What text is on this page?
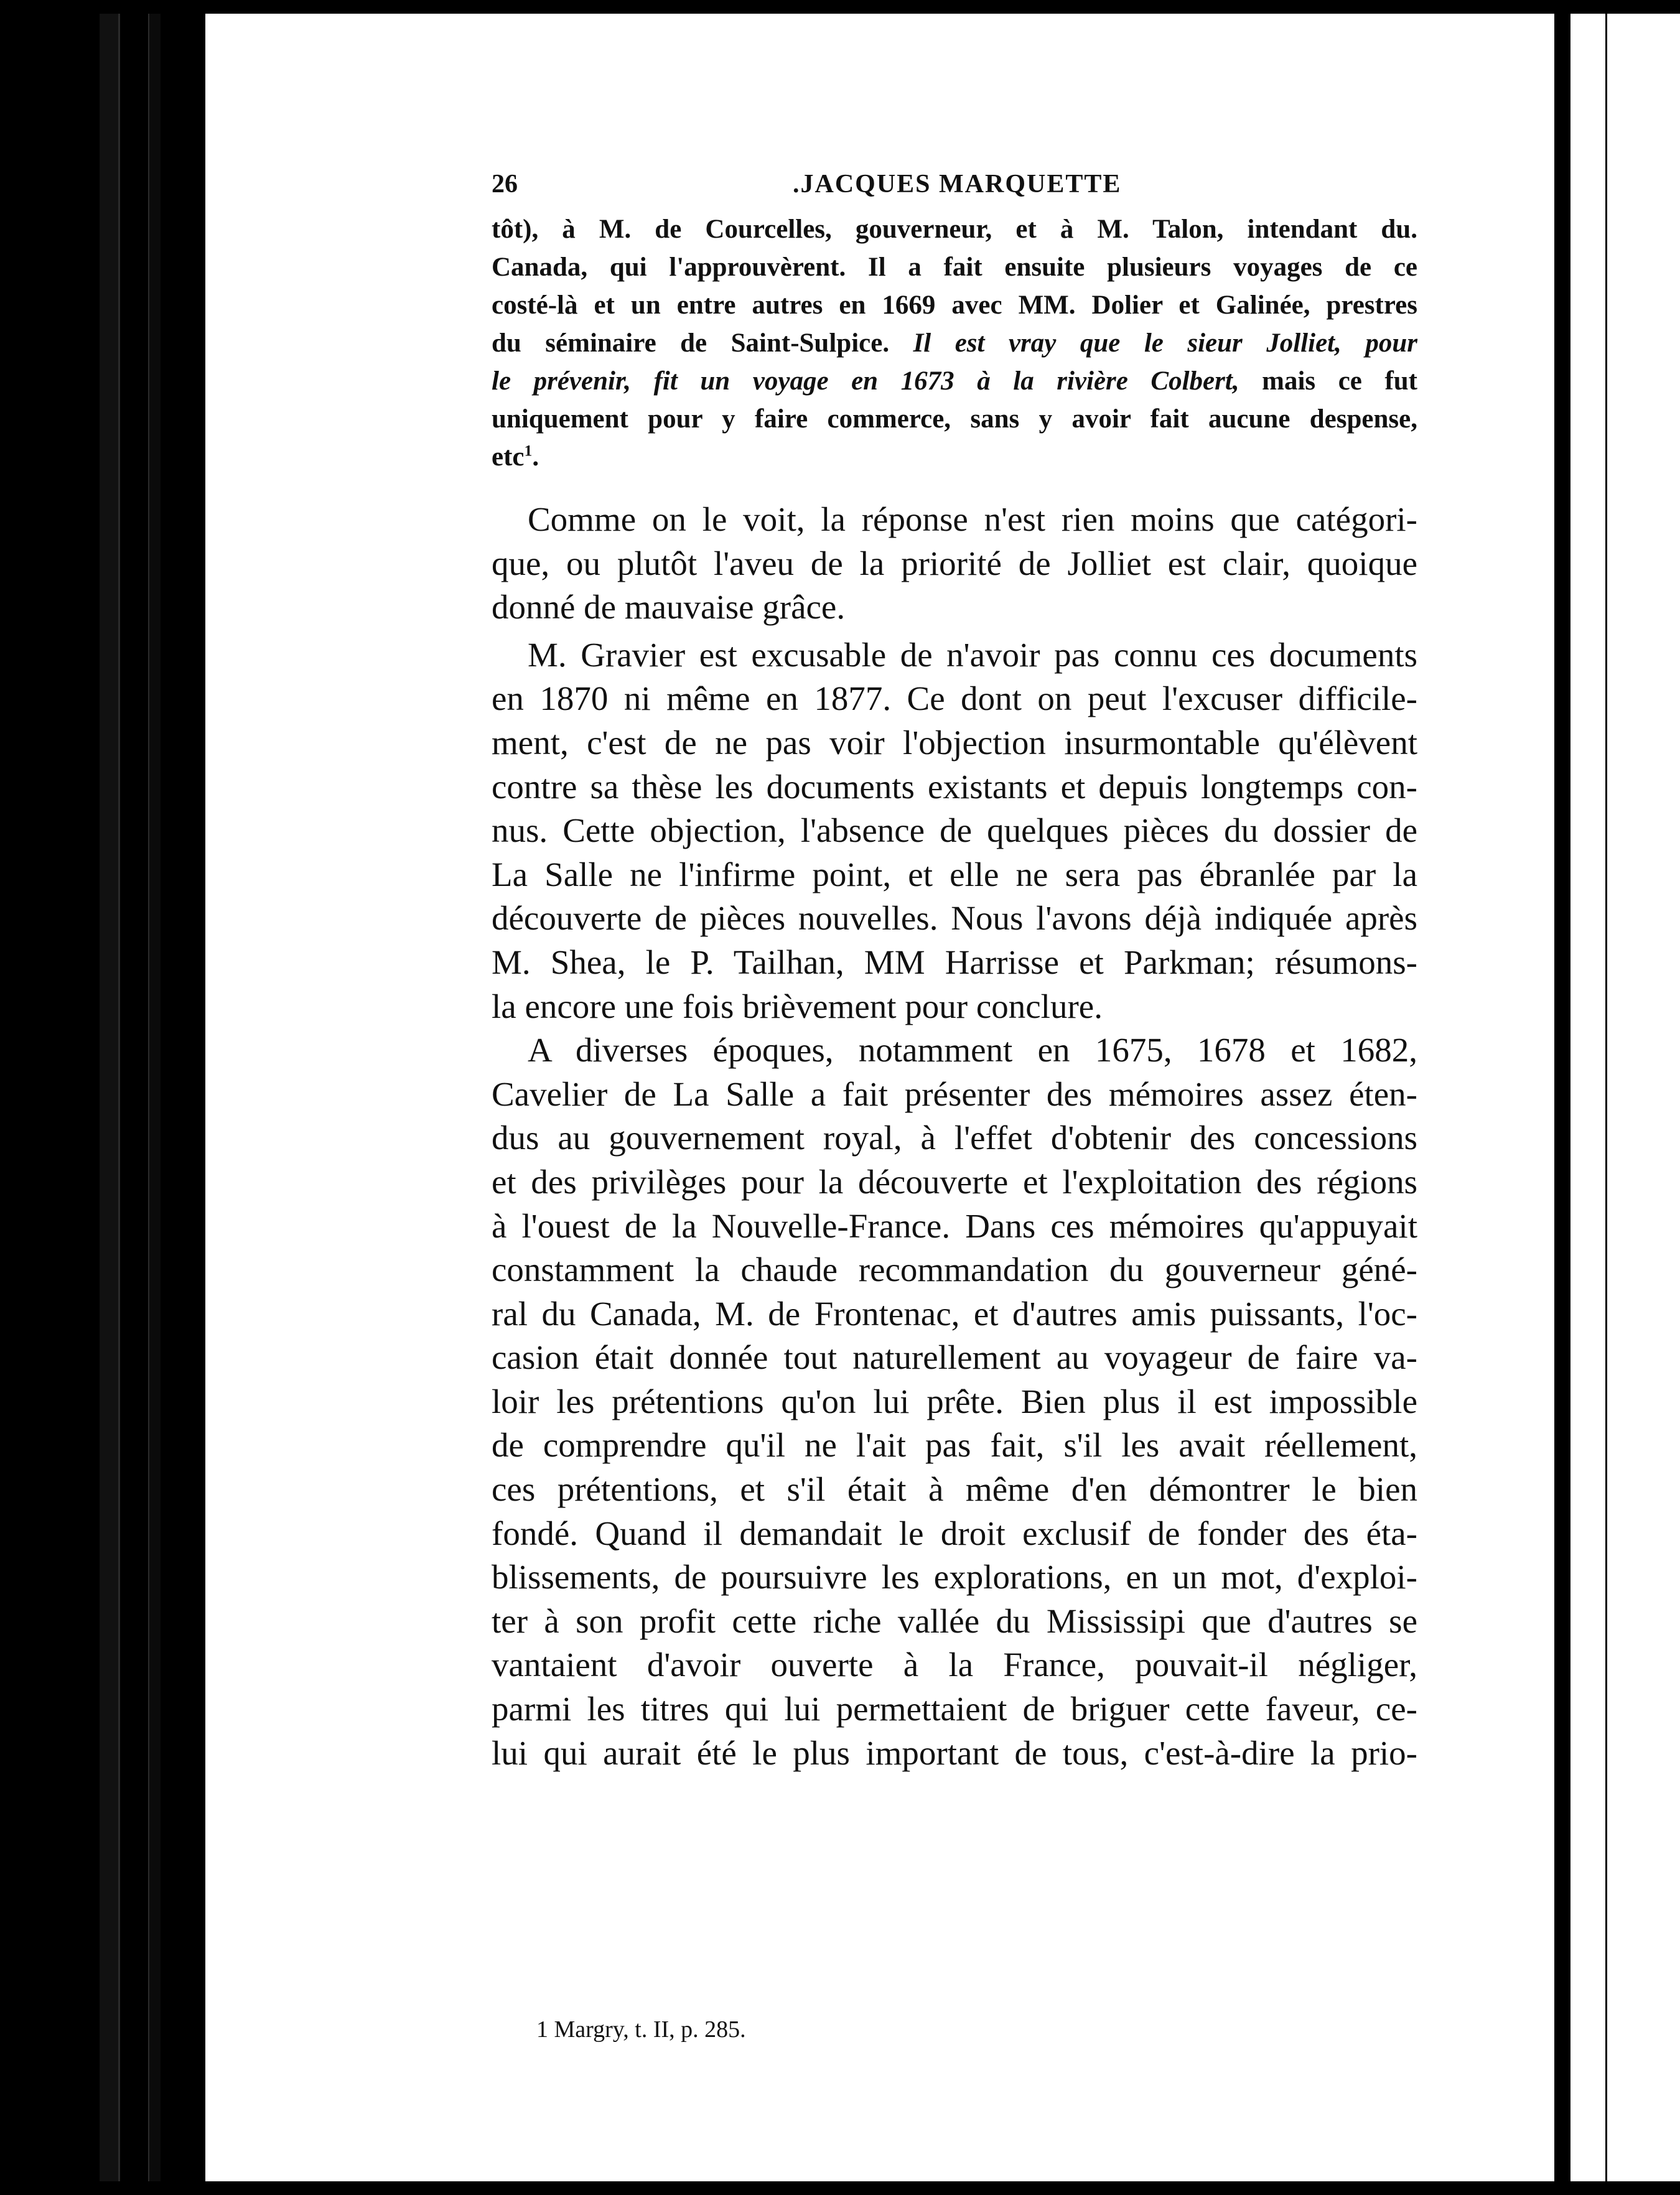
26	.JACQUES MARQUETTE
tôt), à M. de Courcelles, gouverneur, et à M. Talon, intendant du.
Canada, qui l'approuvèrent. Il a fait ensuite plusieurs voyages de ce
costé-là et un entre autres en 1669 avec MM. Dolier et Galinée, prestres
du séminaire de Saint-Sulpice. Il est vray que le sieur Jolliet, pour
le prévenir, fit un voyage en 1673 à la rivière Colbert, mais ce fut
uniquement pour y faire commerce, sans y avoir fait aucune despense,
etc$^1$.
Comme on le voit, la réponse n'est rien moins que catégori-
que, ou plutôt l'aveu de la priorité de Jolliet est clair, quoique
donné de mauvaise grâce.
M. Gravier est excusable de n'avoir pas connu ces documents
en 1870 ni même en 1877. Ce dont on peut l'excuser difficile-
ment, c'est de ne pas voir l'objection insurmontable qu'élèvent
contre sa thèse les documents existants et depuis longtemps con-
nus. Cette objection, l'absence de quelques pièces du dossier de
La Salle ne l'infirme point, et elle ne sera pas ébranlée par la
découverte de pièces nouvelles. Nous l'avons déjà indiquée après
M. Shea, le P. Tailhan, MM Harrisse et Parkman; résumons-
la encore une fois brièvement pour conclure.
A diverses époques, notamment en 1675, 1678 et 1682,
Cavelier de La Salle a fait présenter des mémoires assez éten-
dus au gouvernement royal, à l'effet d'obtenir des concessions
et des privilèges pour la découverte et l'exploitation des régions
à l'ouest de la Nouvelle-France. Dans ces mémoires qu'appuyait
constamment la chaude recommandation du gouverneur géné-
ral du Canada, M. de Frontenac, et d'autres amis puissants, l'oc-
casion était donnée tout naturellement au voyageur de faire va-
loir les prétentions qu'on lui prête. Bien plus il est impossible
de comprendre qu'il ne l'ait pas fait, s'il les avait réellement,
ces prétentions, et s'il était à même d'en démontrer le bien
fondé. Quand il demandait le droit exclusif de fonder des éta-
blissements, de poursuivre les explorations, en un mot, d'exploi-
ter à son profit cette riche vallée du Mississipi que d'autres se
vantaient d'avoir ouverte à la France, pouvait-il négliger,
parmi les titres qui lui permettaient de briguer cette faveur, ce-
lui qui aurait été le plus important de tous, c'est-à-dire la prio-
1 Margry, t. II, p. 285.
